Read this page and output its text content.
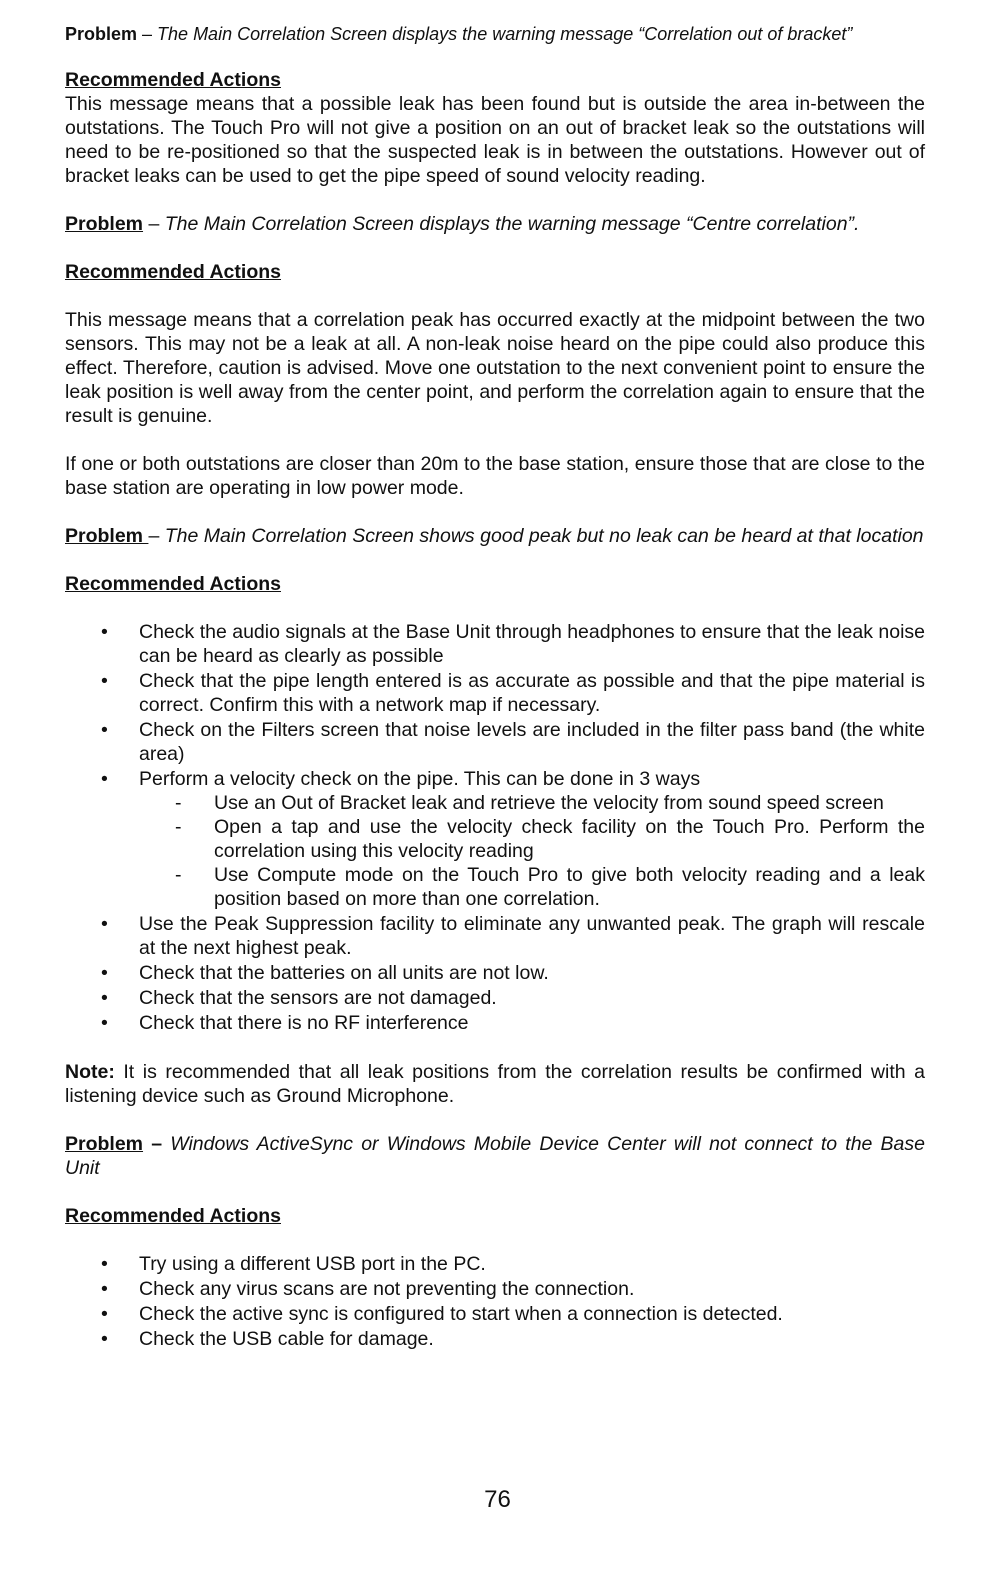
Problem – The Main Correlation Screen displays the warning message “Correlation out of bracket”

Recommended Actions

This message means that a possible leak has been found but is outside the area in-between the outstations. The Touch Pro will not give a position on an out of bracket leak so the outstations will need to be re-positioned so that the suspected leak is in between the outstations. However out of bracket leaks can be used to get the pipe speed of sound velocity reading.

Problem – The Main Correlation Screen displays the warning message “Centre correlation”.

Recommended Actions

This message means that a correlation peak has occurred exactly at the midpoint between the two sensors. This may not be a leak at all. A non-leak noise heard on the pipe could also produce this effect. Therefore, caution is advised. Move one outstation to the next convenient point to ensure the leak position is well away from the center point, and perform the correlation again to ensure that the result is genuine.

If one or both outstations are closer than 20m to the base station, ensure those that are close to the base station are operating in low power mode.

Problem – The Main Correlation Screen shows good peak but no leak can be heard at that location

Recommended Actions

• Check the audio signals at the Base Unit through headphones to ensure that the leak noise can be heard as clearly as possible
• Check that the pipe length entered is as accurate as possible and that the pipe material is correct. Confirm this with a network map if necessary.
• Check on the Filters screen that noise levels are included in the filter pass band (the white area)
• Perform a velocity check on the pipe. This can be done in 3 ways
- Use an Out of Bracket leak and retrieve the velocity from sound speed screen
- Open a tap and use the velocity check facility on the Touch Pro. Perform the correlation using this velocity reading
- Use Compute mode on the Touch Pro to give both velocity reading and a leak position based on more than one correlation.
• Use the Peak Suppression facility to eliminate any unwanted peak. The graph will rescale at the next highest peak.
• Check that the batteries on all units are not low.
• Check that the sensors are not damaged.
• Check that there is no RF interference

Note: It is recommended that all leak positions from the correlation results be confirmed with a listening device such as Ground Microphone.

Problem – Windows ActiveSync or Windows Mobile Device Center will not connect to the Base Unit

Recommended Actions

• Try using a different USB port in the PC.
• Check any virus scans are not preventing the connection.
• Check the active sync is configured to start when a connection is detected.
• Check the USB cable for damage.
76
